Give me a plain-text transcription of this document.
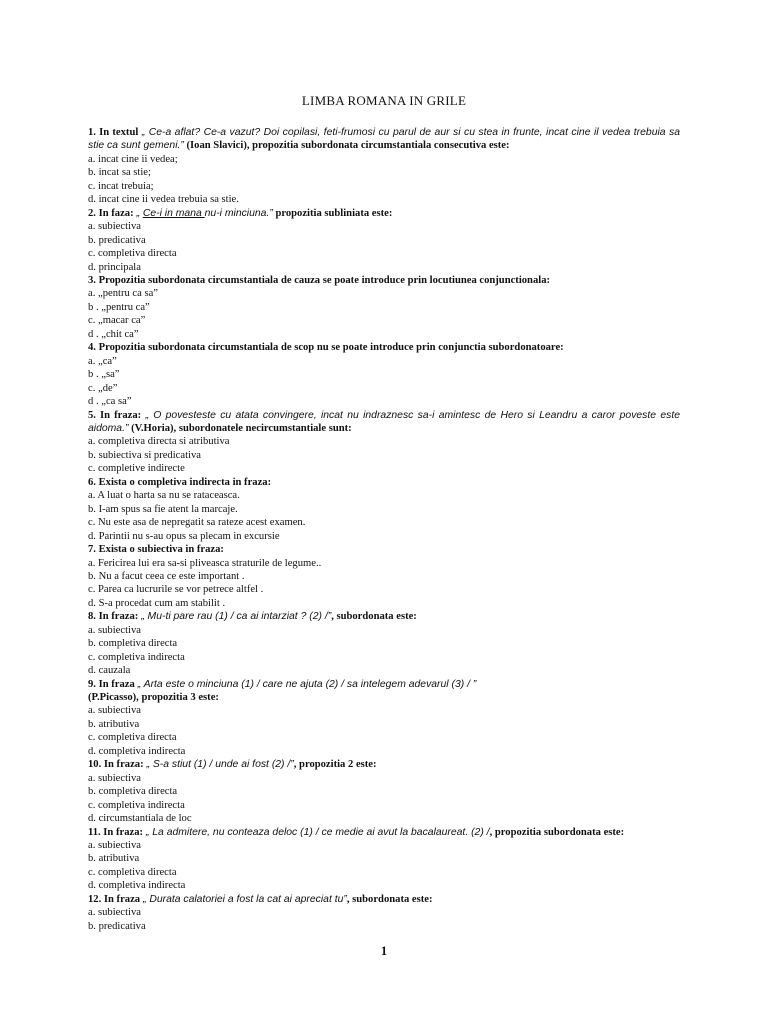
LIMBA ROMANA IN GRILE
1. In textul „ Ce-a aflat? Ce-a vazut? Doi copilasi, feti-frumosi cu parul de aur si cu stea in frunte, incat cine il vedea trebuia sa stie ca sunt gemeni.” (Ioan Slavici), propozitia subordonata circumstantiala consecutiva este:
a. incat cine ii vedea;
b. incat sa stie;
c. incat trebuia;
d. incat cine ii vedea trebuia sa stie.
2. In faza: „ Ce-i in mana nu-i minciuna.” propozitia subliniata este:
a. subiectiva
b. predicativa
c. completiva directa
d. principala
3. Propozitia subordonata circumstantiala de cauza se poate introduce prin locutiunea conjunctionala:
a. „pentru ca sa”
b . „pentru ca”
c. „macar ca”
d . „chit ca”
4. Propozitia subordonata circumstantiala de scop nu se poate introduce prin conjunctia subordonatoare:
a. „ca”
b . „sa”
c. „de”
d . „ca sa”
5. In fraza: „ O povesteste cu atata convingere, incat nu indraznesc sa-i amintesc de Hero si Leandru a caror poveste este aidoma.” (V.Horia), subordonatele necircumstantiale sunt:
a. completiva directa si atributiva
b. subiectiva si predicativa
c. completive indirecte
6. Exista o completiva indirecta in fraza:
a. A luat o harta sa nu se rataceasca.
b. I-am spus sa fie atent la marcaje.
c. Nu este asa de nepregatit sa rateze acest examen.
d. Parintii nu s-au opus sa plecam in excursie
7. Exista o subiectiva in fraza:
a. Fericirea lui era sa-si pliveasca straturile de legume..
b. Nu a facut ceea ce este important .
c. Parea ca lucrurile se vor petrece altfel .
d. S-a procedat cum am stabilit .
8. In fraza: „ Mu-ti pare rau (1) / ca ai intarziat ? (2) /”, subordonata este:
a. subiectiva
b. completiva directa
c. completiva indirecta
d. cauzala
9. In fraza „ Arta este o minciuna (1) / care ne ajuta (2) / sa intelegem adevarul (3) / ”
(P.Picasso), propozitia 3 este:
a. subiectiva
b. atributiva
c. completiva directa
d. completiva indirecta
10. In fraza: „ S-a stiut (1) / unde ai fost (2) /”, propozitia 2 este:
a. subiectiva
b. completiva directa
c. completiva indirecta
d. circumstantiala de loc
11. In fraza: „ La admitere, nu conteaza deloc (1) / ce medie ai avut la bacalaureat. (2) /, propozitia subordonata este:
a. subiectiva
b. atributiva
c. completiva directa
d. completiva indirecta
12. In fraza „ Durata calatoriei a fost la cat ai apreciat tu”, subordonata este:
a. subiectiva
b. predicativa
1
